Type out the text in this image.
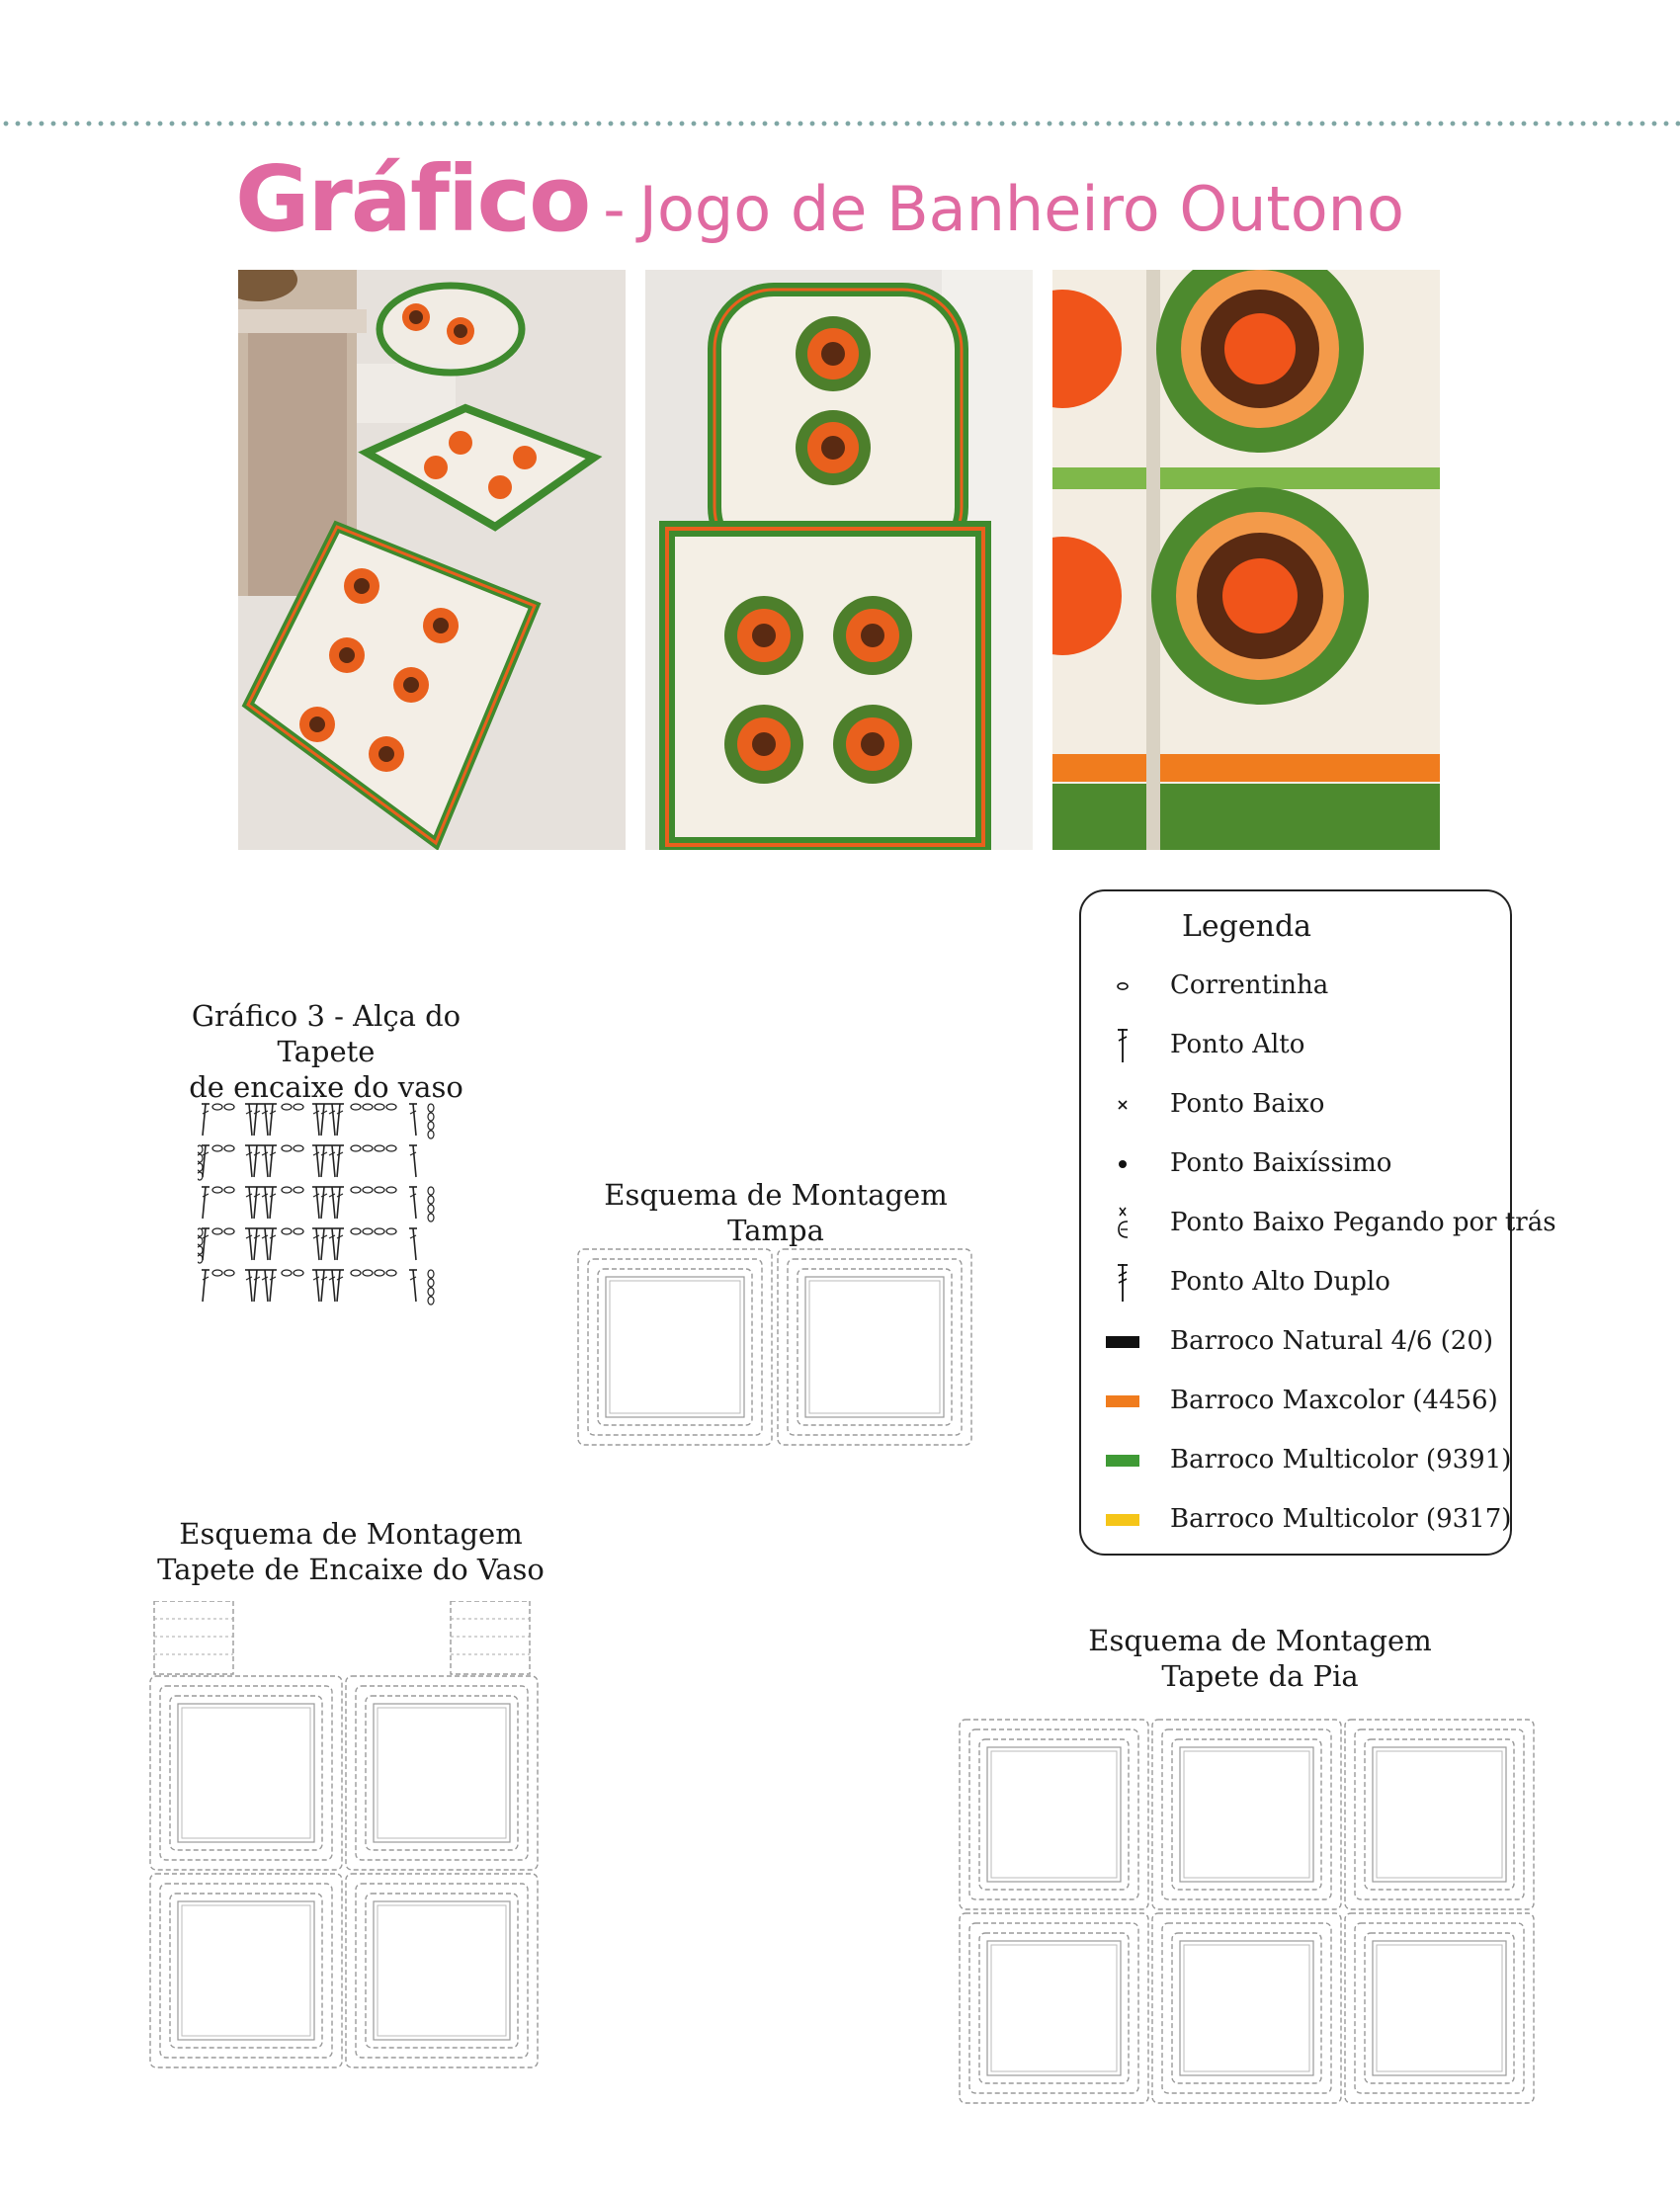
Gráfico - Jogo de Banheiro Outono
Gráfico 3 - Alça do Tapete
de encaixe do vaso
Esquema de Montagem Tampa
Esquema de Montagem
Tapete de Encaixe do Vaso
Esquema de Montagem
Tapete da Pia
Legenda
Correntinha
Ponto Alto
Ponto Baixo
Ponto Baixíssimo
Ponto Baixo Pegando por trás
Ponto Alto Duplo
Barroco Natural 4/6 (20)
Barroco Maxcolor (4456)
Barroco Multicolor (9391)
Barroco Multicolor (9317)
